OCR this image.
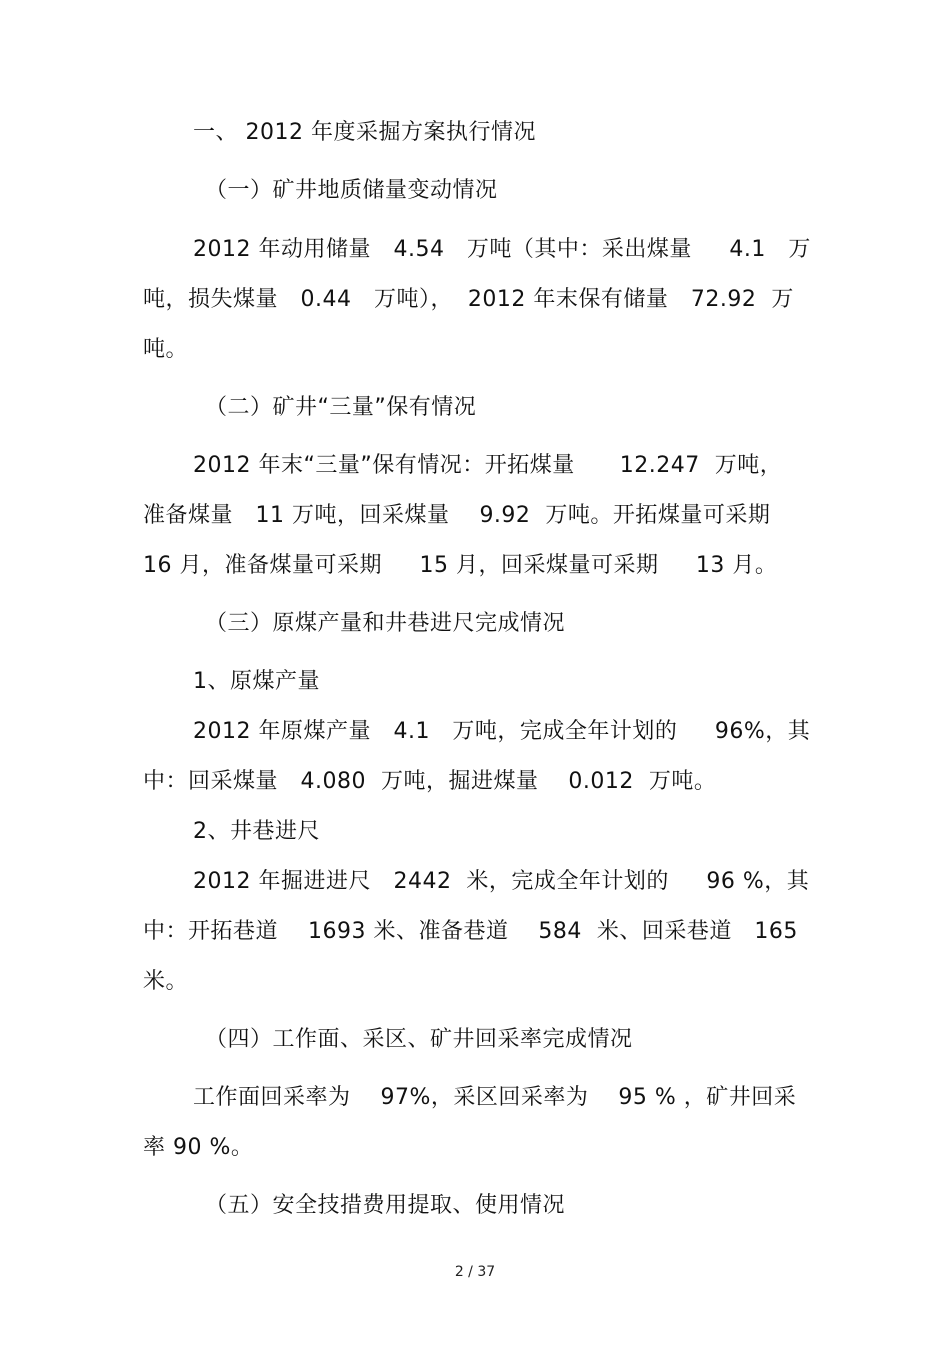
一、 2012 年度采掘方案执行情况

（一）矿井地质储量变动情况

2012 年动用储量   4.54   万吨（其中：采出煤量     4.1   万

吨，损失煤量   0.44   万吨），  2012 年末保有储量   72.92  万

吨。

（二）矿井“三量”保有情况

2012 年末“三量”保有情况：开拓煤量      12.247  万吨，

准备煤量   11 万吨，回采煤量    9.92  万吨。开拓煤量可采期

16 月，准备煤量可采期     15 月，回采煤量可采期     13 月。

（三）原煤产量和井巷进尺完成情况

1、原煤产量

2012 年原煤产量   4.1   万吨，完成全年计划的     96%，其

中：回采煤量   4.080  万吨，掘进煤量    0.012  万吨。

2、井巷进尺

2012 年掘进进尺   2442  米，完成全年计划的     96 %，其

中：开拓巷道    1693 米、准备巷道    584  米、回采巷道   165

米。

（四）工作面、采区、矿井回采率完成情况

工作面回采率为    97%，采区回采率为    95 % ，矿井回采

率 90 %。

（五）安全技措费用提取、使用情况

2 / 37
